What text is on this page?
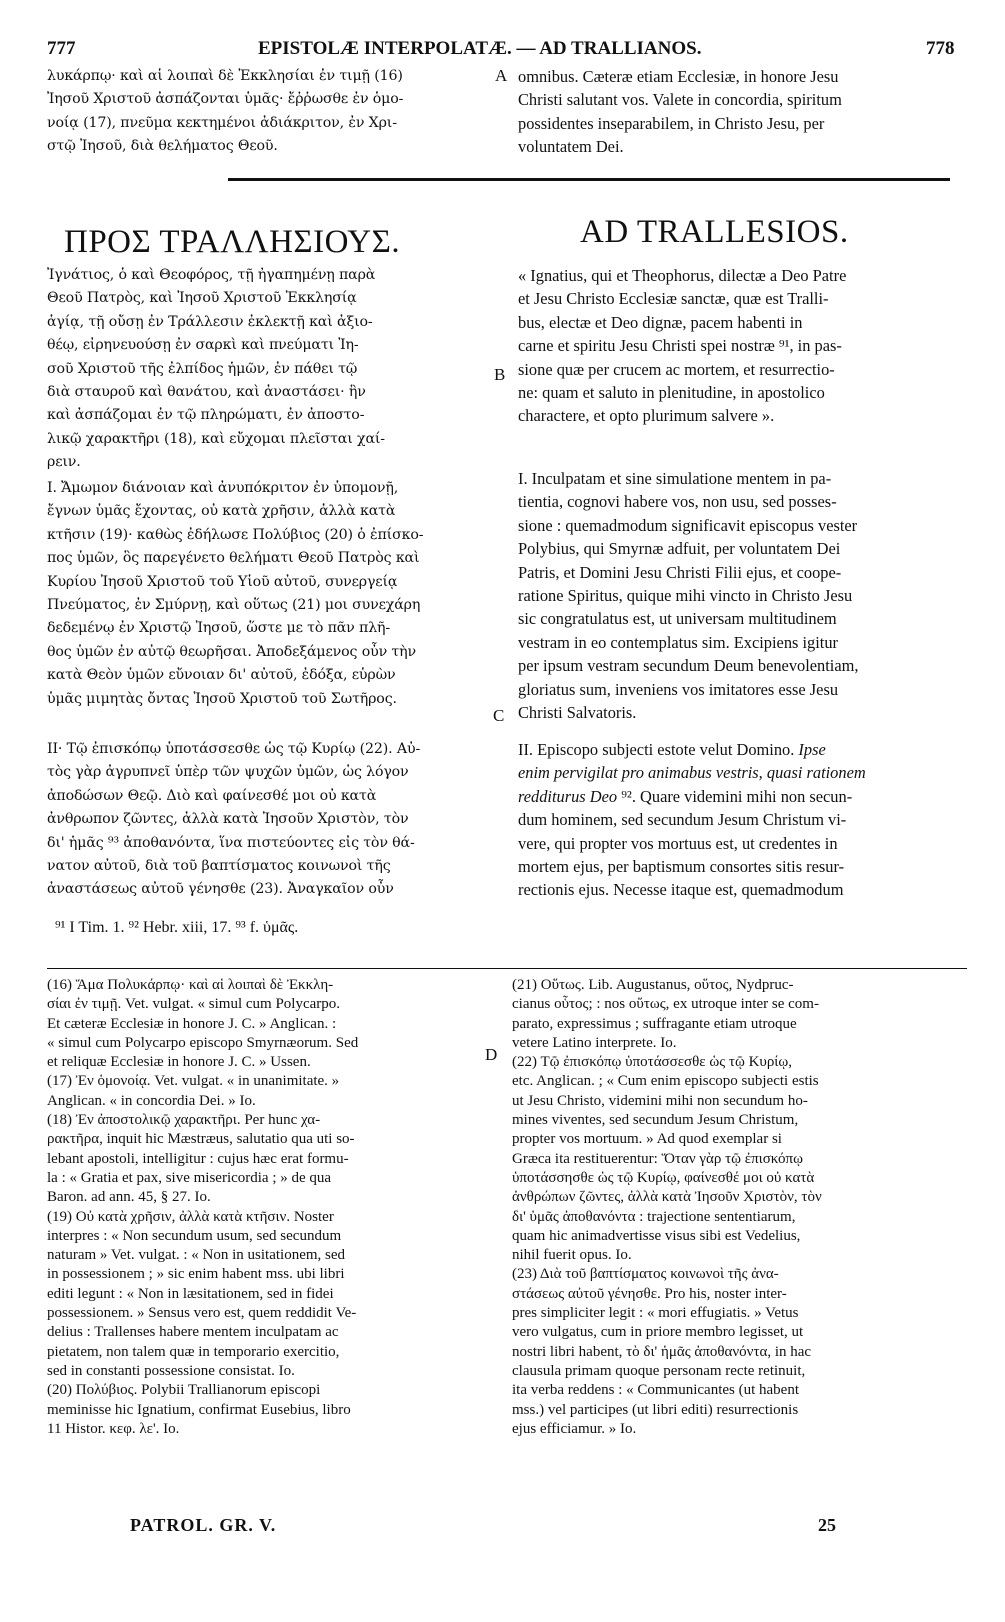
777	EPISTOLÆ INTERPOLATÆ. — AD TRALLIANOS.	778
λυκάρπῳ· καὶ αἱ λοιπαὶ δὲ Ἐκκλησίαι ἐν τιμῇ (16)
Ἰησοῦ Χριστοῦ ἀσπάζονται ὑμᾶς· ἔῤῥωσθε ἐν ὁμο-
νοίᾳ (17), πνεῦμα κεκτημένοι ἀδιάκριτον, ἐν Χρι-
στῷ Ἰησοῦ, διὰ θελήματος Θεοῦ.
A omnibus. Cæteræ etiam Ecclesiæ, in honore Jesu
Christi salutant vos. Valete in concordia, spiritum
possidentes inseparabilem, in Christo Jesu, per
voluntatem Dei.
ΠΡΟΣ ΤΡΑΛΛΗΣΙΟΥΣ.	AD TRALLESIOS.
Ἰγνάτιος, ὁ καὶ Θεοφόρος, τῇ ἠγαπημένῃ παρὰ
Θεοῦ Πατρὸς, καὶ Ἰησοῦ Χριστοῦ Ἐκκλησίᾳ
ἁγίᾳ, τῇ οὔσῃ ἐν Τράλλεσιν ἐκλεκτῇ καὶ ἀξιο-
θέῳ, εἰρηνευούσῃ ἐν σαρκὶ καὶ πνεύματι Ἰη-
σοῦ Χριστοῦ τῆς ἐλπίδος ἡμῶν, ἐν πάθει τῷ
διὰ σταυροῦ καὶ θανάτου, καὶ ἀναστάσει· ἣν
καὶ ἀσπάζομαι ἐν τῷ πληρώματι, ἐν ἀποστο-
λικῷ χαρακτῆρι (18), καὶ εὔχομαι πλεῖσται χαί-
ρειν.
B
« Ignatius, qui et Theophorus, dilectæ a Deo Patre
et Jesu Christo Ecclesiæ sanctæ, quæ est Tralli-
bus, electæ et Deo dignæ, pacem habenti in
carne et spiritu Jesu Christi spei nostræ ⁹¹, in pas-
sione quæ per crucem ac mortem, et resurrectio-
ne: quam et saluto in plenitudine, in apostolico
charactere, et opto plurimum salvere ».
I. Ἄμωμον διάνοιαν καὶ ἀνυπόκριτον ἐν ὑπομονῇ,
ἔγνων ὑμᾶς ἔχοντας, οὐ κατὰ χρῆσιν, ἀλλὰ κατὰ
κτῆσιν (19)· καθὼς ἐδήλωσε Πολύβιος (20) ὁ ἐπίσκο-
πος ὑμῶν, ὃς παρεγένετο θελήματι Θεοῦ Πατρὸς καὶ
Κυρίου Ἰησοῦ Χριστοῦ τοῦ Υἱοῦ αὐτοῦ, συνεργείᾳ
Πνεύματος, ἐν Σμύρνῃ, καὶ οὕτως (21) μοι συνεχάρη
δεδεμένῳ ἐν Χριστῷ Ἰησοῦ, ὥστε με τὸ πᾶν πλῆ-
θος ὑμῶν ἐν αὐτῷ θεωρῆσαι. Ἀποδεξάμενος οὖν τὴν
κατὰ Θεὸν ὑμῶν εὔνοιαν δι' αὐτοῦ, ἐδόξα, εὑρὼν
ὑμᾶς μιμητὰς ὄντας Ἰησοῦ Χριστοῦ τοῦ Σωτῆρος.
I. Inculpatam et sine simulatione mentem in pa-
tientia, cognovi habere vos, non usu, sed posses-
sione : quemadmodum significavit episcopus vester
Polybius, qui Smyrnæ adfuit, per voluntatem Dei
Patris, et Domini Jesu Christi Filii ejus, et coope-
ratione Spiritus, quique mihi vincto in Christo Jesu
sic congratulatus est, ut universam multitudinem
vestram in eo contemplatus sim. Excipiens igitur
per ipsum vestram secundum Deum benevolentiam,
gloriatus sum, inveniens vos imitatores esse Jesu
Christi Salvatoris.
C
II· Τῷ ἐπισκόπῳ ὑποτάσσεσθε ὡς τῷ Κυρίῳ (22). Αὐ-
τὸς γὰρ ἀγρυπνεῖ ὑπὲρ τῶν ψυχῶν ὑμῶν, ὡς λόγον
ἀποδώσων Θεῷ. Διὸ καὶ φαίνεσθέ μοι οὐ κατὰ
ἀνθρωπον ζῶντες, ἀλλὰ κατὰ Ἰησοῦν Χριστὸν, τὸν
δι' ἡμᾶς ⁹³ ἀποθανόντα, ἵνα πιστεύοντες εἰς τὸν θά-
νατον αὐτοῦ, διὰ τοῦ βαπτίσματος κοινωνοὶ τῆς
ἀναστάσεως αὐτοῦ γένησθε (23). Ἀναγκαῖον οὖν
II. Episcopo subjecti estote velut Domino. Ipse
enim pervigilat pro animabus vestris, quasi rationem
redditurus Deo ⁹². Quare videmini mihi non secun-
dum hominem, sed secundum Jesum Christum vi-
vere, qui propter vos mortuus est, ut credentes in
mortem ejus, per baptismum consortes sitis resur-
rectionis ejus. Necesse itaque est, quemadmodum
⁹¹ I Tim. 1. ⁹² Hebr. xiii, 17. ⁹³ f. ὑμᾶς.
(16) Ἅμα Πολυκάρπῳ· καὶ αἱ λοιπαὶ δὲ Ἐκκλη-
σίαι ἐν τιμῇ. Vet. vulgat. « simul cum Polycarpo.
Et cæteræ Ecclesiæ in honore J. C. » Anglican. :
« simul cum Polycarpo episcopo Smyrnæorum. Sed
et reliquæ Ecclesiæ in honore J. C. » Ussen.
(17) Ἐν ὁμονοίᾳ. Vet. vulgat. « in unanimitate. »
Anglican. « in concordia Dei. » Io.
(18) Ἐν ἀποστολικῷ χαρακτῆρι. Per hunc χα-
ρακτῆρα, inquit hic Mæstræus, salutatio qua uti so-
lebant apostoli, intelligitur : cujus hæc erat formu-
la : « Gratia et pax, sive misericordia ; » de qua
Baron. ad ann. 45, § 27. Io.
(19) Οὐ κατὰ χρῆσιν, ἀλλὰ κατὰ κτῆσιν. Noster
interpres : « Non secundum usum, sed secundum
naturam » Vet. vulgat. : « Non in usitationem, sed
in possessionem ; » sic enim habent mss. ubi libri
editi legunt : « Non in læsitationem, sed in fidei
possessionem. » Sensus vero est, quem reddidit Ve-
delius : Trallenses habere mentem inculpatam ac
pietatem, non talem quæ in temporario exercitio,
sed in constanti possessione consistat. Io.
(20) Πολύβιος. Polybii Trallianorum episcopi
meminisse hic Ignatium, confirmat Eusebius, libro
11 Histor. κεφ. λε'. Io.
D
(21) Οὕτως. Lib. Augustanus, οὕτος, Nydpruc-
cianus οὗτος; : nos οὕτως, ex utroque inter se com-
parato, expressimus ; suffragante etiam utroque
vetere Latino interprete. Io.
(22) Τῷ ἐπισκόπῳ ὑποτάσσεσθε ὡς τῷ Κυρίῳ,
etc. Anglican. ; « Cum enim episcopo subjecti estis
ut Jesu Christo, videmini mihi non secundum ho-
mines viventes, sed secundum Jesum Christum,
propter vos mortuum. » Ad quod exemplar si
Græca ita restituerentur: Ὅταν γὰρ τῷ ἐπισκόπῳ
ὑποτάσσησθε ὡς τῷ Κυρίῳ, φαίνεσθέ μοι οὐ κατὰ
ἀνθρώπων ζῶντες, ἀλλὰ κατὰ Ἰησοῦν Χριστὸν, τὸν
δι' ὑμᾶς ἀποθανόντα : trajectione sententiarum,
quam hic animadvertisse visus sibi est Vedelius,
nihil fuerit opus. Io.
(23) Διὰ τοῦ βαπτίσματος κοινωνοὶ τῆς ἀνα-
στάσεως αὐτοῦ γένησθε. Pro his, noster inter-
pres simpliciter legit : « mori effugiatis. » Vetus
vero vulgatus, cum in priore membro legisset, ut
nostri libri habent, τὸ δι' ἡμᾶς ἀποθανόντα, in hac
clausula primam quoque personam recte retinuit,
ita verba reddens : « Communicantes (ut habent
mss.) vel participes (ut libri editi) resurrectionis
ejus efficiamur. » Io.
PATROL. GR. V.	25
